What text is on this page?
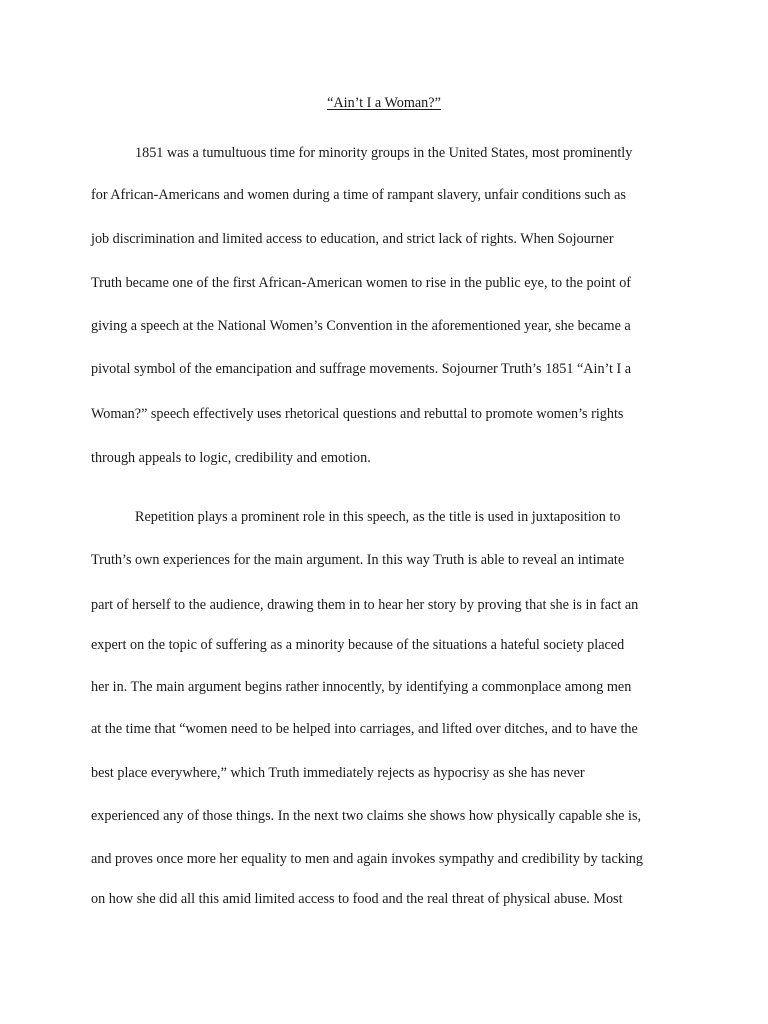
“Ain’t I a Woman?”
1851 was a tumultuous time for minority groups in the United States, most prominently
for African-Americans and women during a time of rampant slavery, unfair conditions such as
job discrimination and limited access to education, and strict lack of rights. When Sojourner
Truth became one of the first African-American women to rise in the public eye, to the point of
giving a speech at the National Women’s Convention in the aforementioned year, she became a
pivotal symbol of the emancipation and suffrage movements. Sojourner Truth’s 1851 “Ain’t I a
Woman?” speech effectively uses rhetorical questions and rebuttal to promote women’s rights
through appeals to logic, credibility and emotion.
Repetition plays a prominent role in this speech, as the title is used in juxtaposition to
Truth’s own experiences for the main argument. In this way Truth is able to reveal an intimate
part of herself to the audience, drawing them in to hear her story by proving that she is in fact an
expert on the topic of suffering as a minority because of the situations a hateful society placed
her in. The main argument begins rather innocently, by identifying a commonplace among men
at the time that “women need to be helped into carriages, and lifted over ditches, and to have the
best place everywhere,” which Truth immediately rejects as hypocrisy as she has never
experienced any of those things. In the next two claims she shows how physically capable she is,
and proves once more her equality to men and again invokes sympathy and credibility by tacking
on how she did all this amid limited access to food and the real threat of physical abuse. Most
